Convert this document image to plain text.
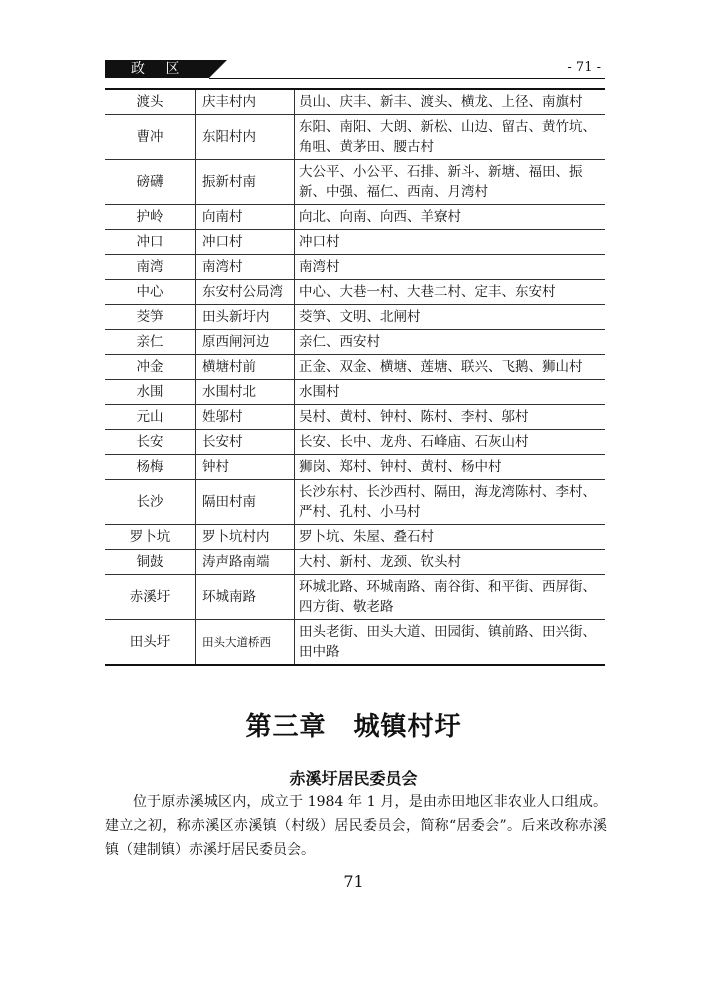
政 区	- 71 -
渡头	庆丰村内	员山、庆丰、新丰、渡头、横龙、上径、南旗村
曹冲	东阳村内	东阳、南阳、大朗、新松、山边、留古、黄竹坑、角咀、黄茅田、腰古村
磅礴	振新村南	大公平、小公平、石排、新斗、新塘、福田、振新、中强、福仁、西南、月湾村
护岭	向南村	向北、向南、向西、羊寮村
冲口	冲口村	冲口村
南湾	南湾村	南湾村
中心	东安村公局湾	中心、大巷一村、大巷二村、定丰、东安村
茭笋	田头新圩内	茭笋、文明、北闸村
亲仁	原西闸河边	亲仁、西安村
冲金	横塘村前	正金、双金、横塘、莲塘、联兴、飞鹅、狮山村
水围	水围村北	水围村
元山	姓邬村	吴村、黄村、钟村、陈村、李村、邬村
长安	长安村	长安、长中、龙舟、石峰庙、石灰山村
杨梅	钟村	狮岗、郑村、钟村、黄村、杨中村
长沙	隔田村南	长沙东村、长沙西村、隔田，海龙湾陈村、李村、严村、孔村、小马村
罗卜坑	罗卜坑村内	罗卜坑、朱屋、叠石村
铜鼓	涛声路南端	大村、新村、龙颈、钦头村
赤溪圩	环城南路	环城北路、环城南路、南谷街、和平街、西屏街、四方街、敬老路
田头圩	田头大道桥西	田头老街、田头大道、田园街、镇前路、田兴街、田中路
第三章　城镇村圩
赤溪圩居民委员会
位于原赤溪城区内，成立于 1984 年 1 月，是由赤田地区非农业人口组成。建立之初，称赤溪区赤溪镇（村级）居民委员会，简称“居委会”。后来改称赤溪镇（建制镇）赤溪圩居民委员会。
71
